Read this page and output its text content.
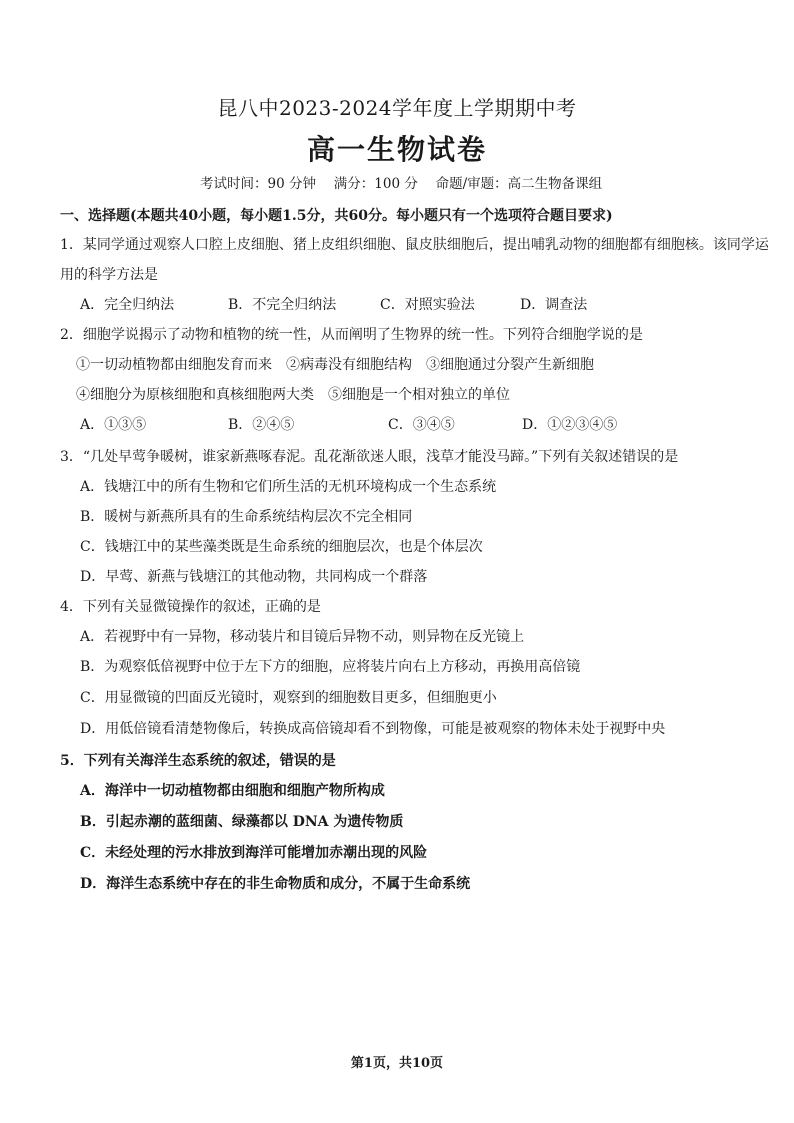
昆八中2023-2024学年度上学期期中考
高一生物试卷
考试时间：90 分钟　 满分：100 分　 命题/审题：高二生物备课组
一、选择题(本题共40小题，每小题1.5分，共60分。每小题只有一个选项符合题目要求)
1．某同学通过观察人口腔上皮细胞、猪上皮组织细胞、鼠皮肤细胞后，提出哺乳动物的细胞都有细胞核。该同学运
用的科学方法是
A．完全归纳法	B．不完全归纳法	C．对照实验法	D．调查法
2．细胞学说揭示了动物和植物的统一性，从而阐明了生物界的统一性。下列符合细胞学说的是
①一切动植物都由细胞发育而来　②病毒没有细胞结构　③细胞通过分裂产生新细胞
④细胞分为原核细胞和真核细胞两大类　⑤细胞是一个相对独立的单位
A．①③⑤	B．②④⑤	C．③④⑤	D．①②③④⑤
3．“几处早莺争暖树，谁家新燕啄春泥。乱花渐欲迷人眼，浅草才能没马蹄。”下列有关叙述错误的是
A．钱塘江中的所有生物和它们所生活的无机环境构成一个生态系统
B．暖树与新燕所具有的生命系统结构层次不完全相同
C．钱塘江中的某些藻类既是生命系统的细胞层次，也是个体层次
D．早莺、新燕与钱塘江的其他动物，共同构成一个群落
4．下列有关显微镜操作的叙述，正确的是
A．若视野中有一异物，移动装片和目镜后异物不动，则异物在反光镜上
B．为观察低倍视野中位于左下方的细胞，应将装片向右上方移动，再换用高倍镜
C．用显微镜的凹面反光镜时，观察到的细胞数目更多，但细胞更小
D．用低倍镜看清楚物像后，转换成高倍镜却看不到物像，可能是被观察的物体未处于视野中央
5．下列有关海洋生态系统的叙述，错误的是
A．海洋中一切动植物都由细胞和细胞产物所构成
B．引起赤潮的蓝细菌、绿藻都以 DNA 为遗传物质
C．未经处理的污水排放到海洋可能增加赤潮出现的风险
D．海洋生态系统中存在的非生命物质和成分，不属于生命系统
第1页，共10页
